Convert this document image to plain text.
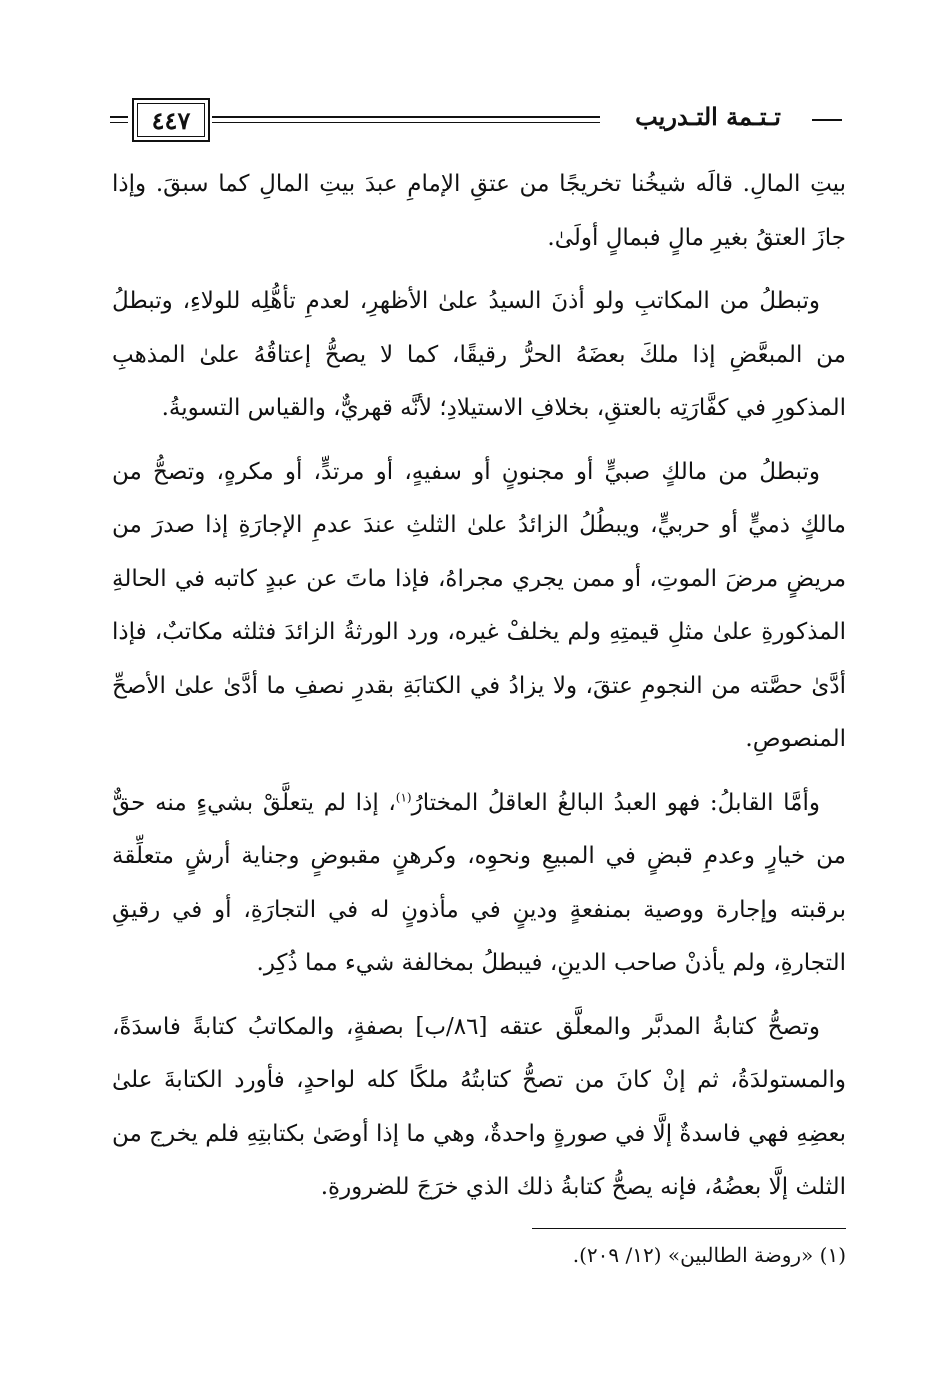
٤٤٧	تـتـمة التـدريب

بيتِ المالِ. قالَه شيخُنا تخريجًا من عتقِ الإمامِ عبدَ بيتِ المالِ كما سبقَ. وإذا جازَ العتقُ بغيرِ مالٍ فبمالٍ أولَىٰ.

وتبطلُ من المكاتبِ ولو أذنَ السيدُ علىٰ الأظهرِ، لعدمِ تأهُّلِه للولاءِ، وتبطلُ من المبعَّضِ إذا ملكَ بعضَهُ الحرُّ رقيقًا، كما لا يصحُّ إعتاقُهُ علىٰ المذهبِ المذكورِ في كفَّارَتِه بالعتقِ، بخلافِ الاستيلادِ؛ لأنَّه قهريٌّ، والقياس التسويةُ.

وتبطلُ من مالكٍ صبيٍّ أو مجنونٍ أو سفيهٍ، أو مرتدٍّ، أو مكرهٍ، وتصحُّ من مالكٍ ذميٍّ أو حربيٍّ، ويبطُلُ الزائدُ علىٰ الثلثِ عندَ عدمِ الإجارَةِ إذا صدرَ من مريضٍ مرضَ الموتِ، أو ممن يجري مجراهُ، فإذا ماتَ عن عبدٍ كاتبه في الحالةِ المذكورةِ علىٰ مثلِ قيمتِهِ ولم يخلفْ غيره، ورد الورثةُ الزائدَ فثلثه مكاتبٌ، فإذا أدَّىٰ حصَّته من النجومِ عتقَ، ولا يزادُ في الكتابَةِ بقدرِ نصفِ ما أدَّىٰ علىٰ الأصحِّ المنصوصِ.

وأمَّا القابلُ: فهو العبدُ البالغُ العاقلُ المختارُ$^{(١)}$، إذا لم يتعلَّقْ بشيءٍ منه حقٌّ من خيارٍ وعدمِ قبضٍ في المبيعِ ونحوِه، وكرهنٍ مقبوضٍ وجناية أرشٍ متعلِّقة برقبته وإجارة ووصية بمنفعةٍ ودينٍ في مأذونٍ له في التجارَةِ، أو في رقيقِ التجارةِ، ولم يأذنْ صاحب الدينِ، فيبطلُ بمخالفة شيء مما ذُكِر.

وتصحُّ كتابةُ المدبَّر والمعلَّق عتقه [٨٦/ب] بصفةٍ، والمكاتبُ كتابةً فاسدَةً، والمستولدَةُ، ثم إنْ كانَ من تصحُّ كتابتُهُ ملكًا كله لواحدٍ، فأورد الكتابةَ علىٰ بعضِهِ فهي فاسدةٌ إلَّا في صورةٍ واحدةٌ، وهي ما إذا أوصَىٰ بكتابتِهِ فلم يخرج من الثلث إلَّا بعضُهُ، فإنه يصحُّ كتابةُ ذلك الذي خرَجَ للضرورةِ.

(١) «روضة الطالبين» (١٢/ ٢٠٩).
